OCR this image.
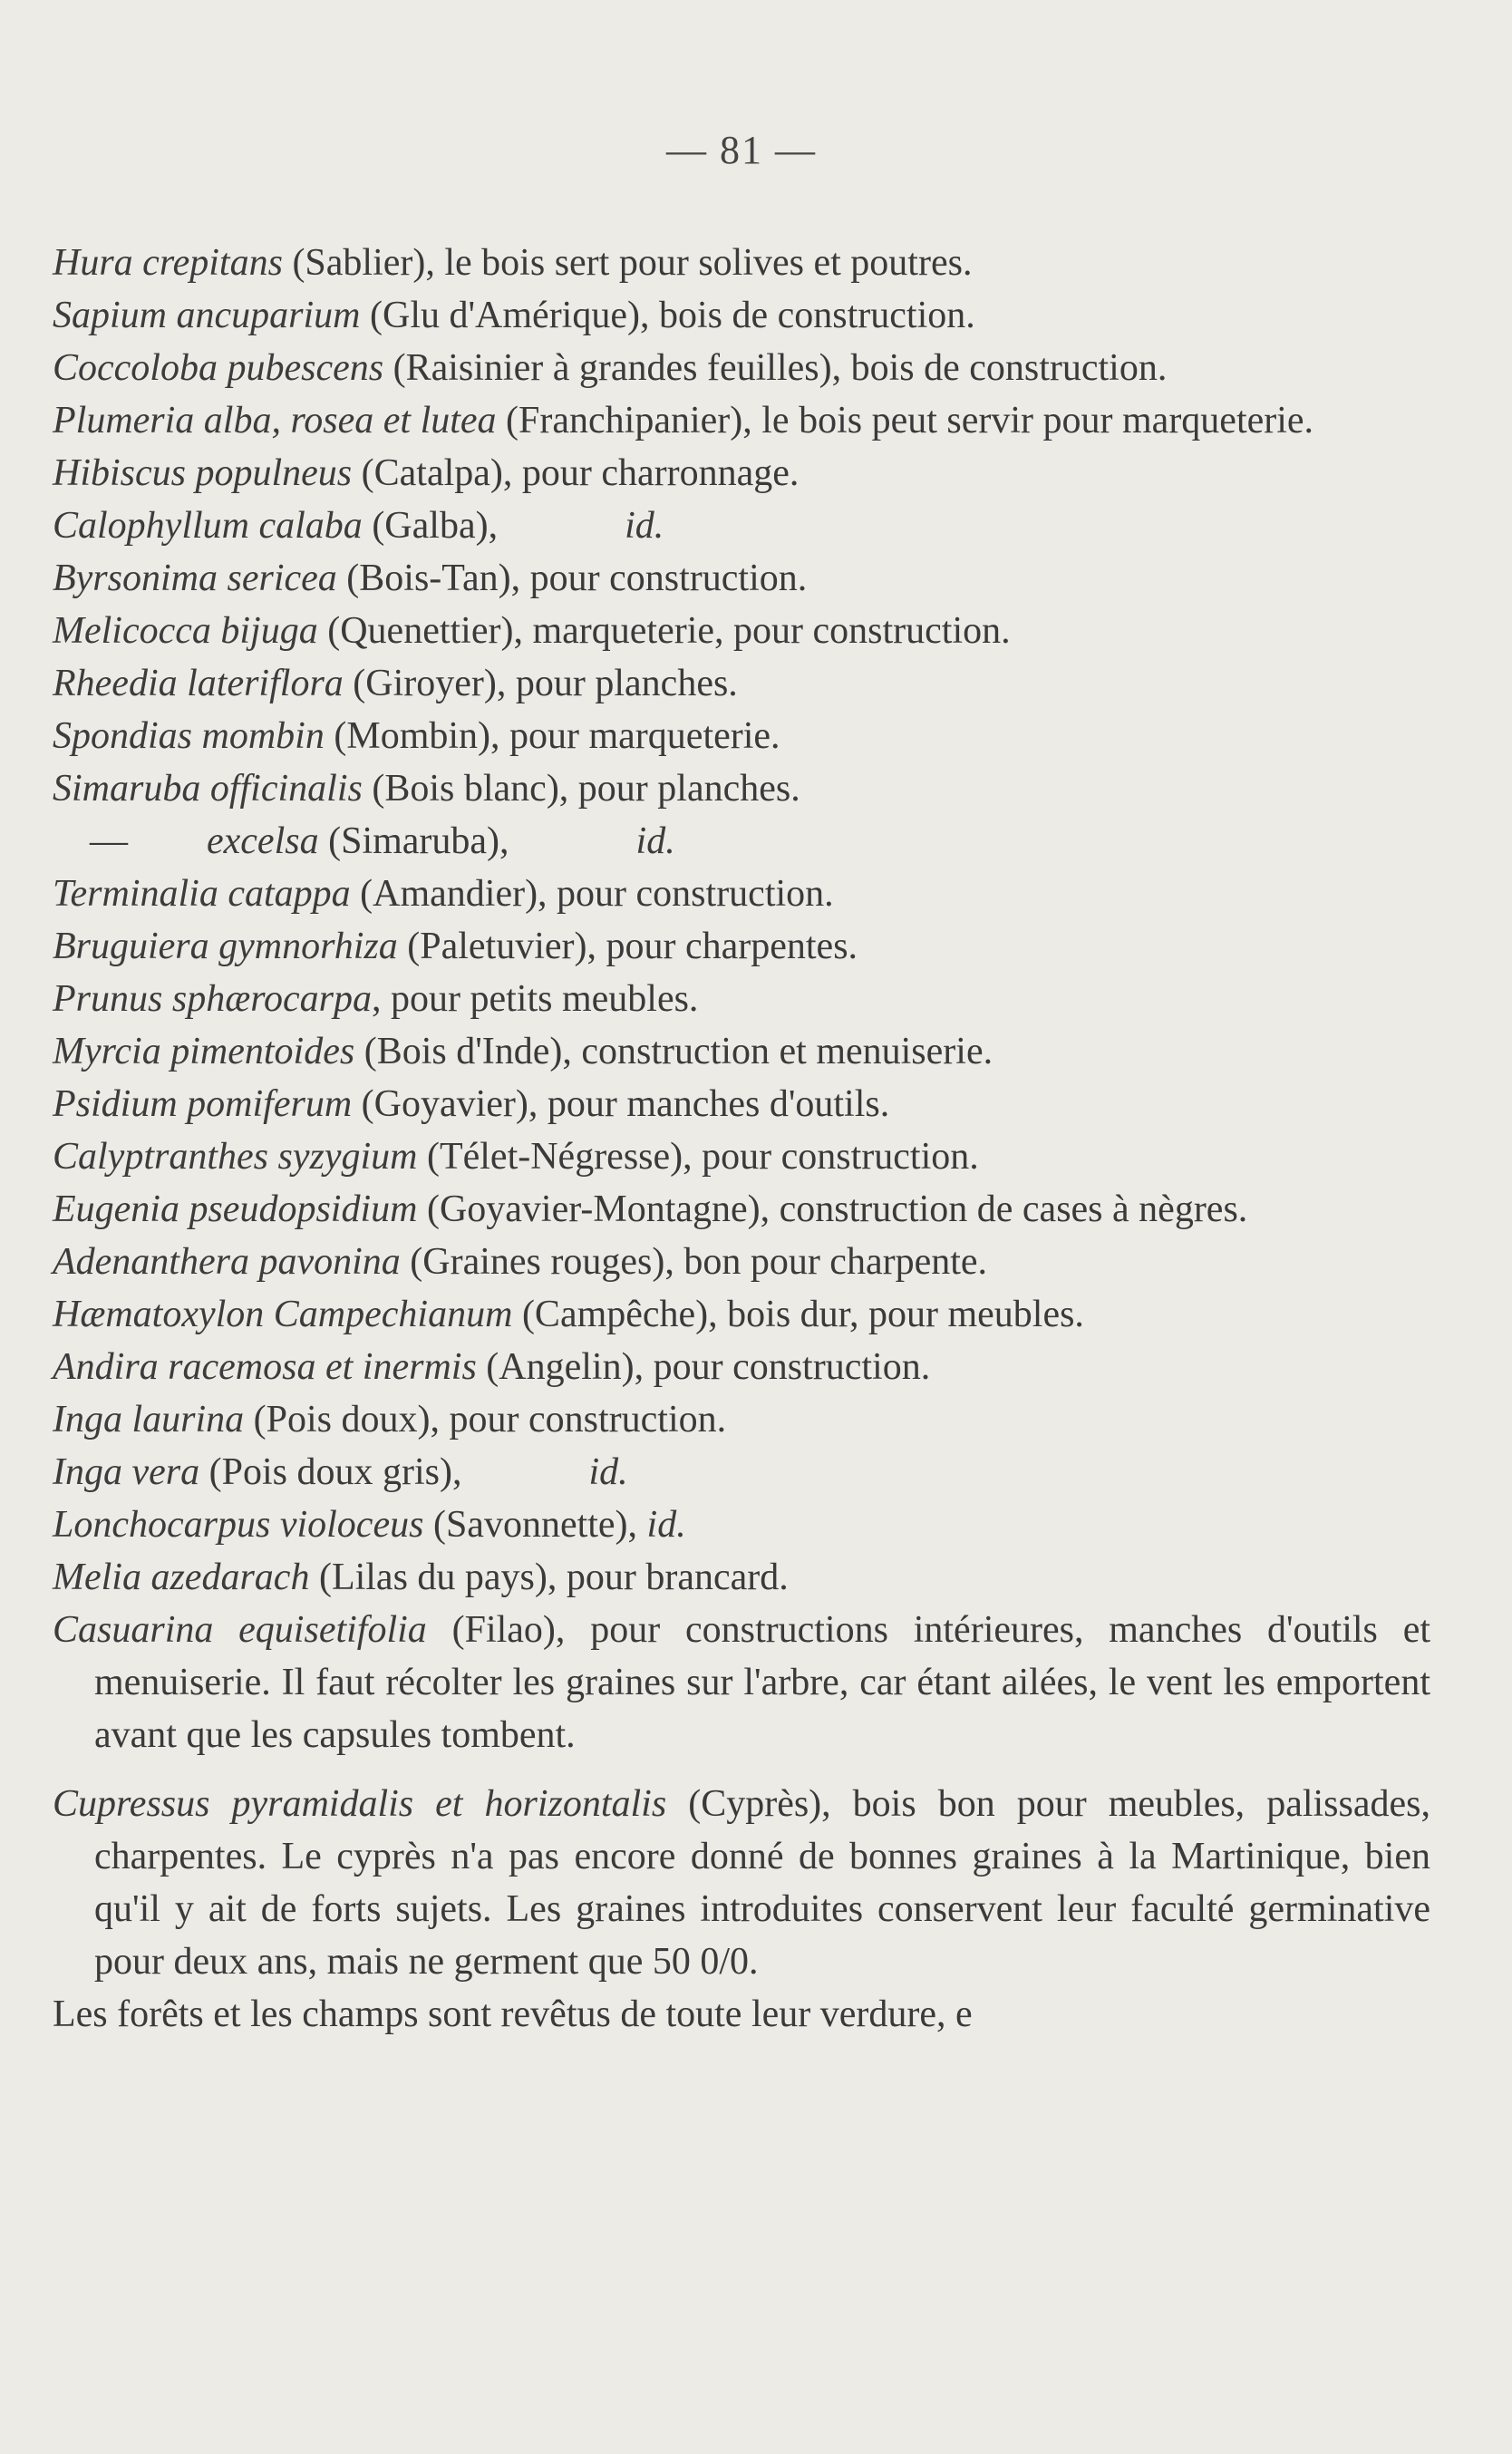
— 81 —

Hura crepitans (Sablier), le bois sert pour solives et poutres.

Sapium ancuparium (Glu d'Amérique), bois de construction.

Coccoloba pubescens (Raisinier à grandes feuilles), bois de construction.

Plumeria alba, rosea et lutea (Franchipanier), le bois peut servir pour marqueterie.

Hibiscus populneus (Catalpa), pour charronnage.

Calophyllum calaba (Galba),	id.

Byrsonima sericea (Bois-Tan), pour construction.

Melicocca bijuga (Quenettier), marqueterie, pour construction.

Rheedia lateriflora (Giroyer), pour planches.

Spondias mombin (Mombin), pour marqueterie.

Simaruba officinalis (Bois blanc), pour planches.

— excelsa (Simaruba),	id.

Terminalia catappa (Amandier), pour construction.

Bruguiera gymnorhiza (Paletuvier), pour charpentes.

Prunus sphærocarpa, pour petits meubles.

Myrcia pimentoides (Bois d'Inde), construction et menuiserie.

Psidium pomiferum (Goyavier), pour manches d'outils.

Calyptranthes syzygium (Télet-Négresse), pour construction.

Eugenia pseudopsidium (Goyavier-Montagne), construction de cases à nègres.

Adenanthera pavonina (Graines rouges), bon pour charpente.

Hæmatoxylon Campechianum (Campêche), bois dur, pour meubles.

Andira racemosa et inermis (Angelin), pour construction.

Inga laurina (Pois doux), pour construction.

Inga vera (Pois doux gris),	id.

Lonchocarpus violoceus (Savonnette), id.

Melia azedarach (Lilas du pays), pour brancard.

Casuarina equisetifolia (Filao), pour constructions intérieures, manches d'outils et menuiserie. Il faut récolter les graines sur l'arbre, car étant ailées, le vent les emportent avant que les capsules tombent.

Cupressus pyramidalis et horizontalis (Cyprès), bois bon pour meubles, palissades, charpentes. Le cyprès n'a pas encore donné de bonnes graines à la Martinique, bien qu'il y ait de forts sujets. Les graines introduites conservent leur faculté germinative pour deux ans, mais ne germent que 50 0/0.

Les forêts et les champs sont revêtus de toute leur verdure, e
